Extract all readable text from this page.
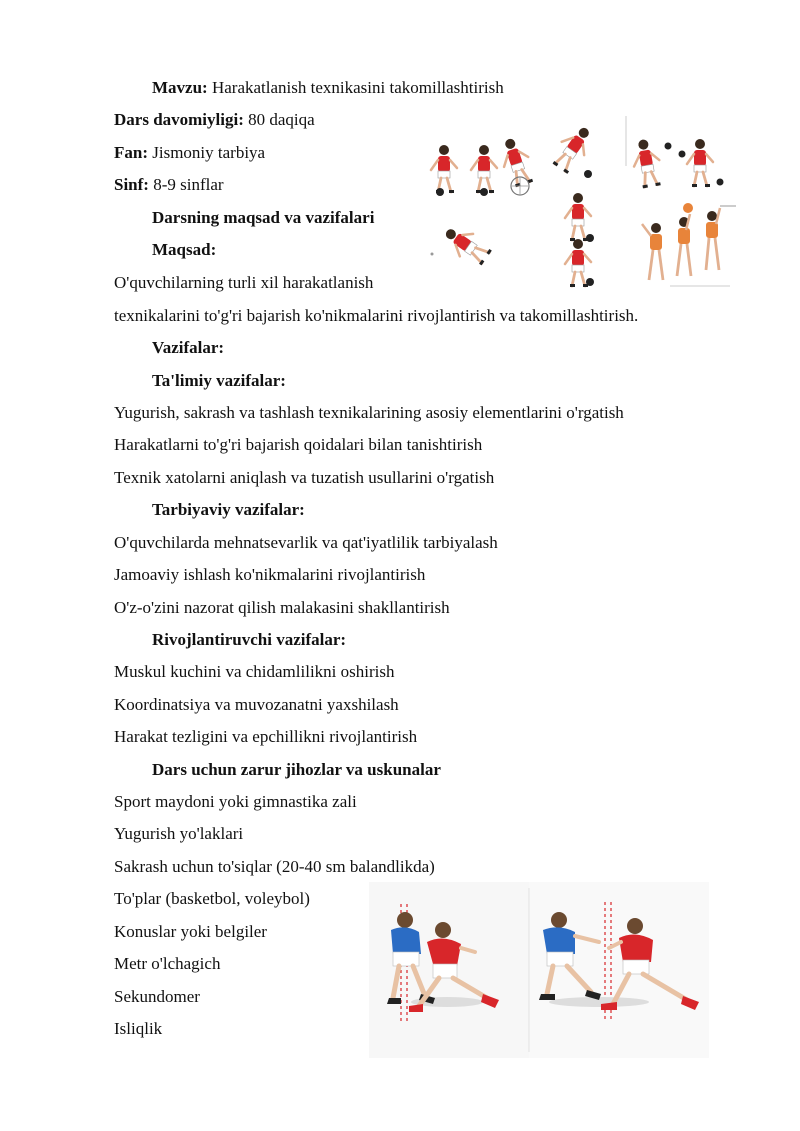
Mavzu: Harakatlanish texnikasini takomillashtirish
Dars davomiyligi: 80 daqiqa
Fan: Jismoniy tarbiya
Sinf: 8-9 sinflar
Darsning maqsad va vazifalari
Maqsad:
O'quvchilarning turli xil harakatlanish
texnikalarini to'g'ri bajarish ko'nikmalarini rivojlantirish va takomillashtirish.
Vazifalar:
Ta'limiy vazifalar:
Yugurish, sakrash va tashlash texnikalarining asosiy elementlarini o'rgatish
Harakatlarni to'g'ri bajarish qoidalari bilan tanishtirish
Texnik xatolarni aniqlash va tuzatish usullarini o'rgatish
Tarbiyaviy vazifalar:
O'quvchilarda mehnatsevarlik va qat'iyatlilik tarbiyalash
Jamoaviy ishlash ko'nikmalarini rivojlantirish
O'z-o'zini nazorat qilish malakasini shakllantirish
Rivojlantiruvchi vazifalar:
Muskul kuchini va chidamlilikni oshirish
Koordinatsiya va muvozanatni yaxshilash
Harakat tezligini va epchillikni rivojlantirish
Dars uchun zarur jihozlar va uskunalar
Sport maydoni yoki gimnastika zali
Yugurish yo'laklari
Sakrash uchun to'siqlar (20-40 sm balandlikda)
To'plar (basketbol, voleybol)
Konuslar yoki belgiler
Metr o'lchagich
Sekundomer
Isliqlik
